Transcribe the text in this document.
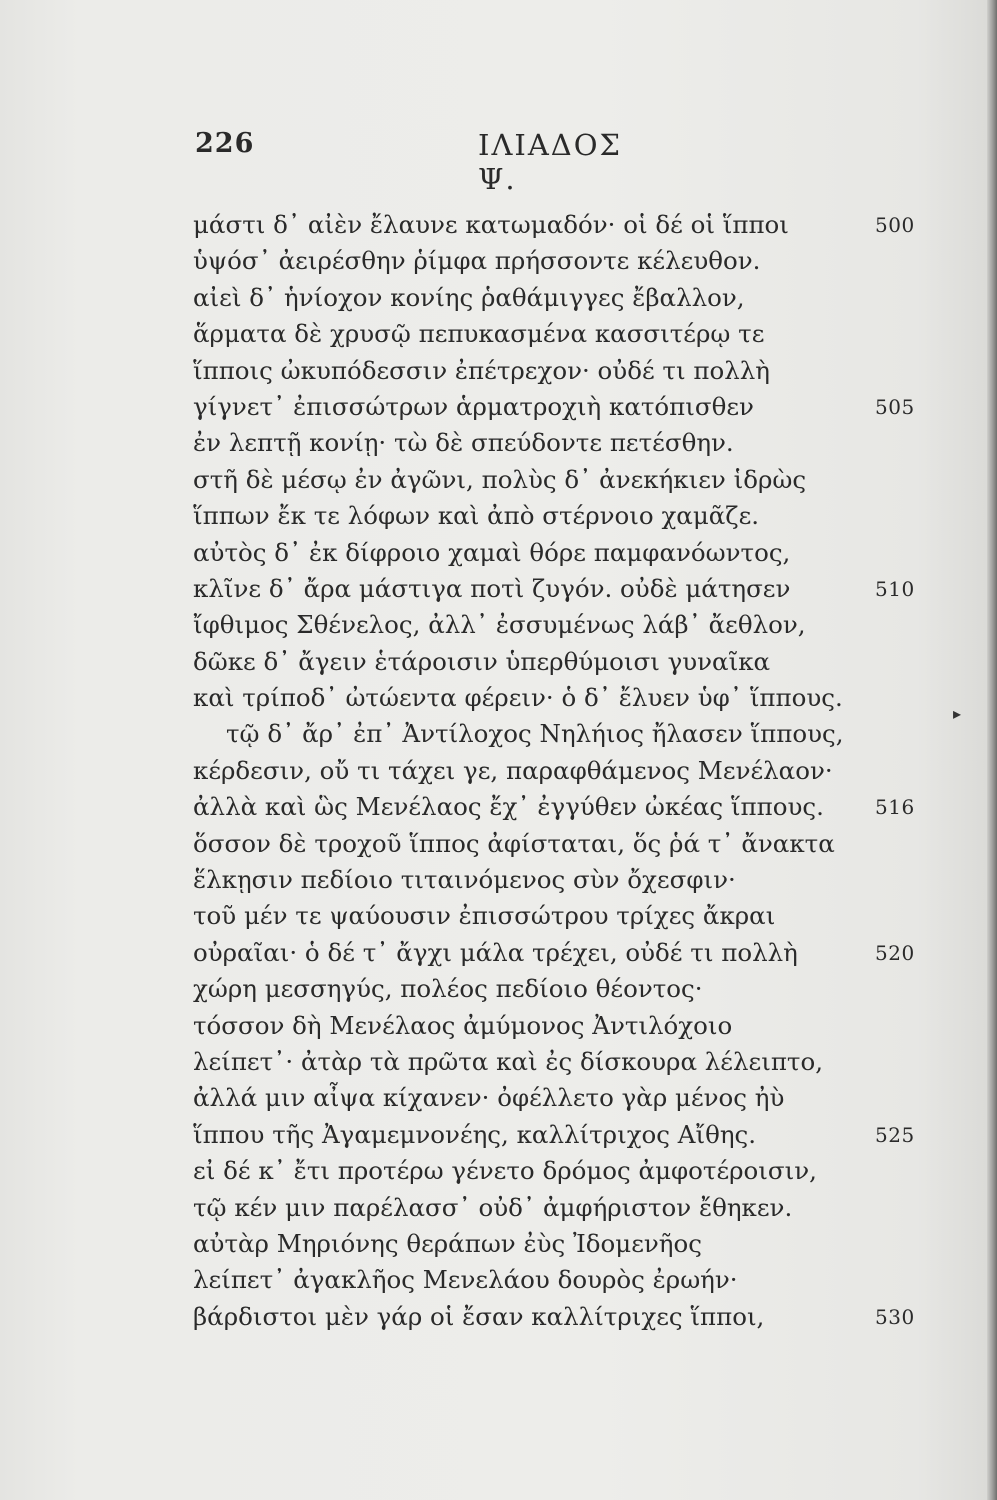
226	ΙΛΙΑΔΟΣ Ψ.
μάστι δ᾽ αἰὲν ἔλαυνε κατωμαδόν· οἱ δέ οἱ ἵπποι	500
ὑψόσ᾽ ἀειρέσθην ῥίμφα πρήσσοντε κέλευθον.
αἰεὶ δ᾽ ἡνίοχον κονίης ῥαθάμιγγες ἔβαλλον,
ἅρματα δὲ χρυσῷ πεπυκασμένα κασσιτέρῳ τε
ἵπποις ὠκυπόδεσσιν ἐπέτρεχον· οὐδέ τι πολλὴ
γίγνετ᾽ ἐπισσώτρων ἁρματροχιὴ κατόπισθεν	505
ἐν λεπτῇ κονίῃ· τὼ δὲ σπεύδοντε πετέσθην.
στῆ δὲ μέσῳ ἐν ἀγῶνι, πολὺς δ᾽ ἀνεκήκιεν ἱδρὼς
ἵππων ἔκ τε λόφων καὶ ἀπὸ στέρνοιο χαμᾶζε.
αὐτὸς δ᾽ ἐκ δίφροιο χαμαὶ θόρε παμφανόωντος,
κλῖνε δ᾽ ἄρα μάστιγα ποτὶ ζυγόν. οὐδὲ μάτησεν	510
ἴφθιμος Σθένελος, ἀλλ᾽ ἐσσυμένως λάβ᾽ ἄεθλον,
δῶκε δ᾽ ἄγειν ἑτάροισιν ὑπερθύμοισι γυναῖκα
καὶ τρίποδ᾽ ὠτώεντα φέρειν· ὁ δ᾽ ἔλυεν ὑφ᾽ ἵππους.
τῷ δ᾽ ἄρ᾽ ἐπ᾽ Ἀντίλοχος Νηλήιος ἤλασεν ἵππους,
κέρδεσιν, οὔ τι τάχει γε, παραφθάμενος Μενέλαον·
ἀλλὰ καὶ ὣς Μενέλαος ἔχ᾽ ἐγγύθεν ὠκέας ἵππους.	516
ὅσσον δὲ τροχοῦ ἵππος ἀφίσταται, ὅς ῥά τ᾽ ἄνακτα
ἕλκῃσιν πεδίοιο τιταινόμενος σὺν ὄχεσφιν·
τοῦ μέν τε ψαύουσιν ἐπισσώτρου τρίχες ἄκραι
οὐραῖαι· ὁ δέ τ᾽ ἄγχι μάλα τρέχει, οὐδέ τι πολλὴ	520
χώρη μεσσηγύς, πολέος πεδίοιο θέοντος·
τόσσον δὴ Μενέλαος ἀμύμονος Ἀντιλόχοιο
λείπετ᾽· ἀτὰρ τὰ πρῶτα καὶ ἐς δίσκουρα λέλειπτο,
ἀλλά μιν αἶψα κίχανεν· ὀφέλλετο γὰρ μένος ἠὺ
ἵππου τῆς Ἀγαμεμνονέης, καλλίτριχος Αἴθης.	525
εἰ δέ κ᾽ ἔτι προτέρω γένετο δρόμος ἀμφοτέροισιν,
τῷ κέν μιν παρέλασσ᾽ οὐδ᾽ ἀμφήριστον ἔθηκεν.
αὐτὰρ Μηριόνης θεράπων ἐὺς Ἰδομενῆος
λείπετ᾽ ἀγακλῆος Μενελάου δουρὸς ἐρωήν·
βάρδιστοι μὲν γάρ οἱ ἔσαν καλλίτριχες ἵπποι,	530
▸
